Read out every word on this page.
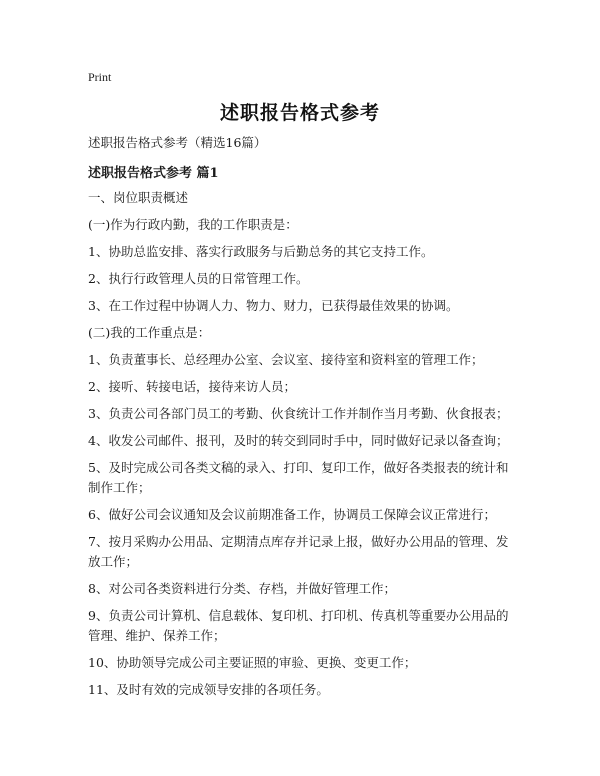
Print
述职报告格式参考
述职报告格式参考（精选16篇）
述职报告格式参考 篇1

一、岗位职责概述

(一)作为行政内勤，我的工作职责是：

1、协助总监安排、落实行政服务与后勤总务的其它支持工作。

2、执行行政管理人员的日常管理工作。

3、在工作过程中协调人力、物力、财力，已获得最佳效果的协调。

(二)我的工作重点是：

1、负责董事长、总经理办公室、会议室、接待室和资料室的管理工作；

2、接听、转接电话，接待来访人员；

3、负责公司各部门员工的考勤、伙食统计工作并制作当月考勤、伙食报表；

4、收发公司邮件、报刊，及时的转交到同时手中，同时做好记录以备查询；

5、及时完成公司各类文稿的录入、打印、复印工作，做好各类报表的统计和制作工作；

6、做好公司会议通知及会议前期准备工作，协调员工保障会议正常进行；

7、按月采购办公用品、定期清点库存并记录上报，做好办公用品的管理、发放工作；

8、对公司各类资料进行分类、存档，并做好管理工作；

9、负责公司计算机、信息载体、复印机、打印机、传真机等重要办公用品的管理、维护、保养工作；

10、协助领导完成公司主要证照的审验、更换、变更工作；

11、及时有效的完成领导安排的各项任务。
